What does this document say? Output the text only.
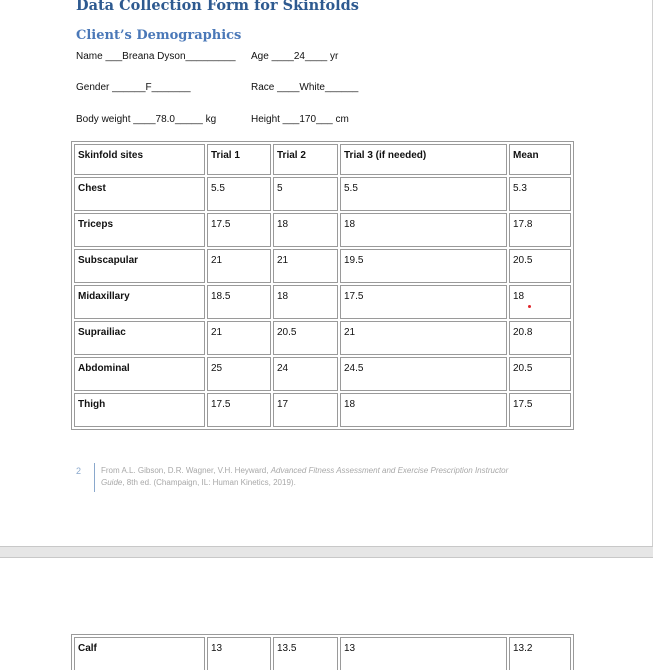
Data Collection Form for Skinfolds
Client’s Demographics
Name ___Breana Dyson_________ Age ____24____ yr
Gender ______F_______	Race ____White______
Body weight ____78.0_____ kg	Height ___170___ cm
Skinfold sites	Trial 1	Trial 2	Trial 3 (if needed)	Mean
Chest	5.5	5	5.5	5.3
Triceps	17.5	18	18	17.8
Subscapular	21	21	19.5	20.5
Midaxillary	18.5	18	17.5	18
Suprailiac	21	20.5	21	20.8
Abdominal	25	24	24.5	20.5
Thigh	17.5	17	18	17.5
2 From A.L. Gibson, D.R. Wagner, V.H. Heyward, Advanced Fitness Assessment and Exercise Prescription Instructor Guide, 8th ed. (Champaign, IL: Human Kinetics, 2019).
Calf	13	13.5	13	13.2
